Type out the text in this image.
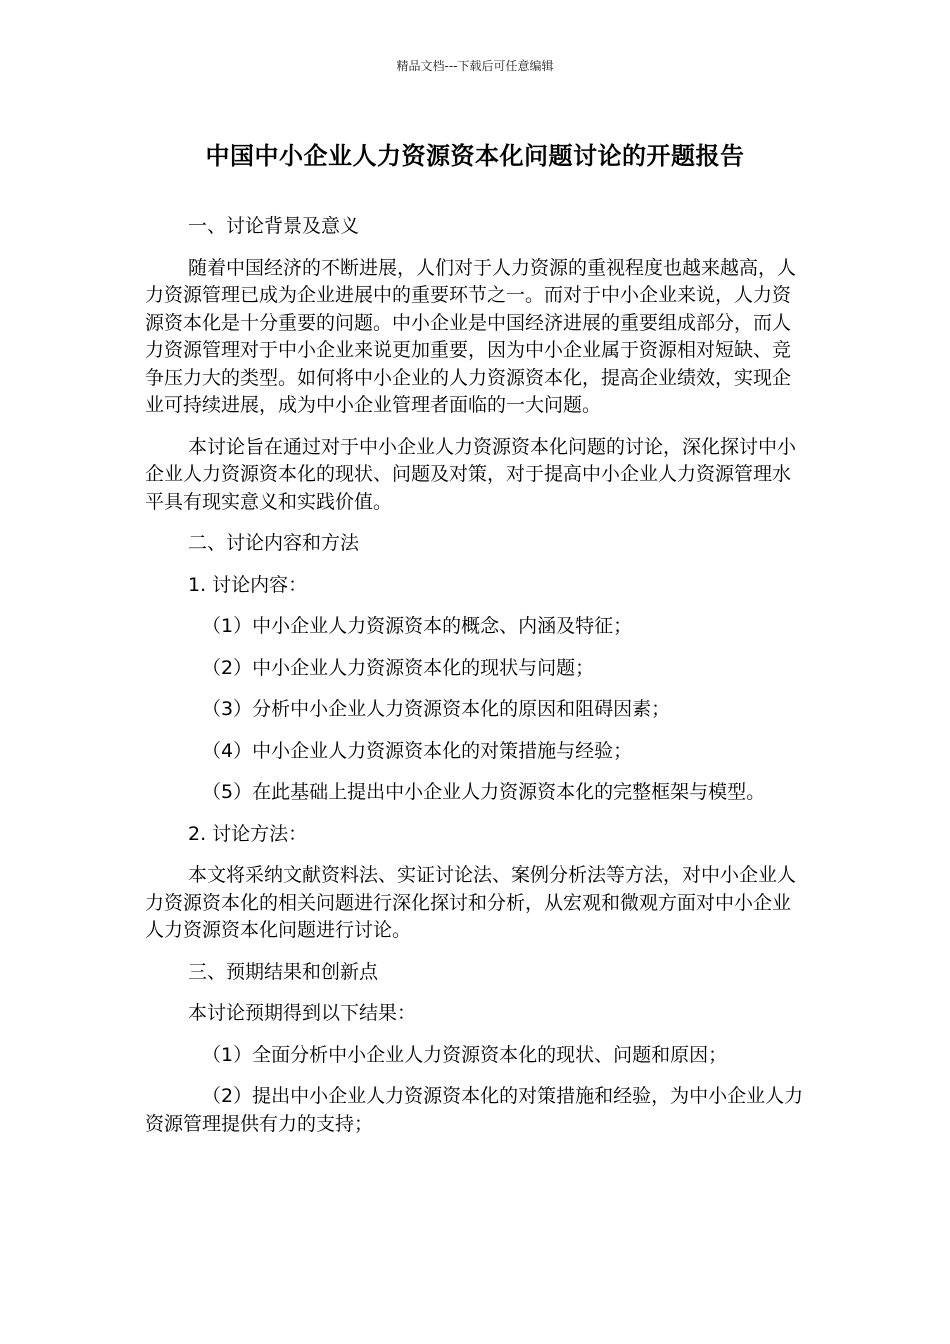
精品文档---下载后可任意编辑
中国中小企业人力资源资本化问题讨论的开题报告

一、讨论背景及意义

随着中国经济的不断进展，人们对于人力资源的重视程度也越来越高，人力资源管理已成为企业进展中的重要环节之一。而对于中小企业来说，人力资源资本化是十分重要的问题。中小企业是中国经济进展的重要组成部分，而人力资源管理对于中小企业来说更加重要，因为中小企业属于资源相对短缺、竞争压力大的类型。如何将中小企业的人力资源资本化，提高企业绩效，实现企业可持续进展，成为中小企业管理者面临的一大问题。

本讨论旨在通过对于中小企业人力资源资本化问题的讨论，深化探讨中小企业人力资源资本化的现状、问题及对策，对于提高中小企业人力资源管理水平具有现实意义和实践价值。

二、讨论内容和方法

1. 讨论内容：

（1）中小企业人力资源资本的概念、内涵及特征；

（2）中小企业人力资源资本化的现状与问题；

（3）分析中小企业人力资源资本化的原因和阻碍因素；

（4）中小企业人力资源资本化的对策措施与经验；

（5）在此基础上提出中小企业人力资源资本化的完整框架与模型。

2. 讨论方法：

本文将采纳文献资料法、实证讨论法、案例分析法等方法，对中小企业人力资源资本化的相关问题进行深化探讨和分析，从宏观和微观方面对中小企业人力资源资本化问题进行讨论。

三、预期结果和创新点

本讨论预期得到以下结果：

（1）全面分析中小企业人力资源资本化的现状、问题和原因；

（2）提出中小企业人力资源资本化的对策措施和经验，为中小企业人力资源管理提供有力的支持；
